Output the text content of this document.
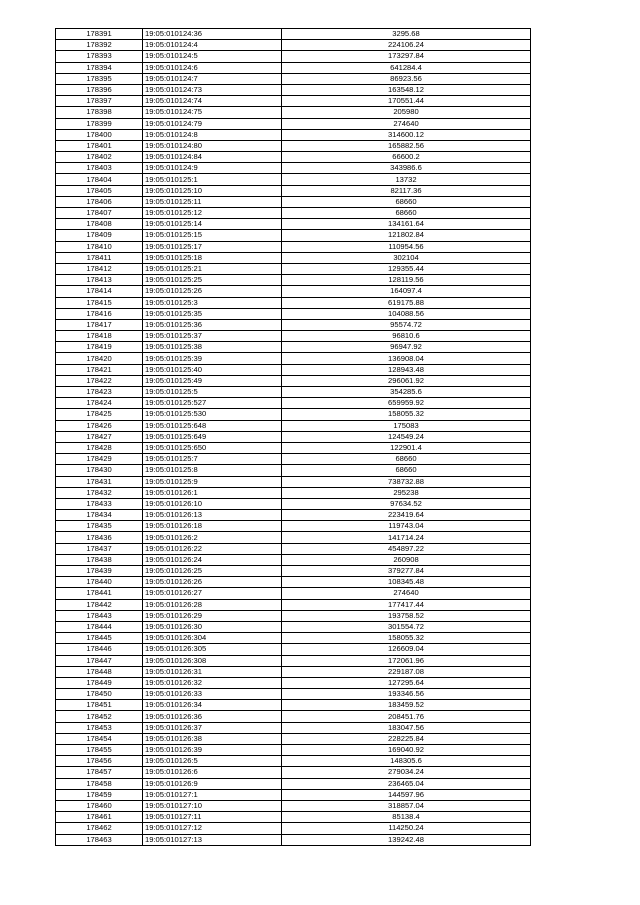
178391	19:05:010124:36	3295.68
178392	19:05:010124:4	224106.24
178393	19:05:010124:5	173297.84
178394	19:05:010124:6	641284.4
178395	19:05:010124:7	86923.56
178396	19:05:010124:73	163548.12
178397	19:05:010124:74	170551.44
178398	19:05:010124:75	205980
178399	19:05:010124:79	274640
178400	19:05:010124:8	314600.12
178401	19:05:010124:80	165882.56
178402	19:05:010124:84	66600.2
178403	19:05:010124:9	343986.6
178404	19:05:010125:1	13732
178405	19:05:010125:10	82117.36
178406	19:05:010125:11	68660
178407	19:05:010125:12	68660
178408	19:05:010125:14	134161.64
178409	19:05:010125:15	121802.84
178410	19:05:010125:17	110954.56
178411	19:05:010125:18	302104
178412	19:05:010125:21	129355.44
178413	19:05:010125:25	128119.56
178414	19:05:010125:26	164097.4
178415	19:05:010125:3	619175.88
178416	19:05:010125:35	104088.56
178417	19:05:010125:36	95574.72
178418	19:05:010125:37	96810.6
178419	19:05:010125:38	96947.92
178420	19:05:010125:39	136908.04
178421	19:05:010125:40	128943.48
178422	19:05:010125:49	296061.92
178423	19:05:010125:5	354285.6
178424	19:05:010125:527	659959.92
178425	19:05:010125:530	158055.32
178426	19:05:010125:648	175083
178427	19:05:010125:649	124549.24
178428	19:05:010125:650	122901.4
178429	19:05:010125:7	68660
178430	19:05:010125:8	68660
178431	19:05:010125:9	738732.88
178432	19:05:010126:1	295238
178433	19:05:010126:10	97634.52
178434	19:05:010126:13	223419.64
178435	19:05:010126:18	119743.04
178436	19:05:010126:2	141714.24
178437	19:05:010126:22	454897.22
178438	19:05:010126:24	260908
178439	19:05:010126:25	379277.84
178440	19:05:010126:26	108345.48
178441	19:05:010126:27	274640
178442	19:05:010126:28	177417.44
178443	19:05:010126:29	193758.52
178444	19:05:010126:30	301554.72
178445	19:05:010126:304	158055.32
178446	19:05:010126:305	126609.04
178447	19:05:010126:308	172061.96
178448	19:05:010126:31	229187.08
178449	19:05:010126:32	127295.64
178450	19:05:010126:33	193346.56
178451	19:05:010126:34	183459.52
178452	19:05:010126:36	208451.76
178453	19:05:010126:37	183047.56
178454	19:05:010126:38	228225.84
178455	19:05:010126:39	169040.92
178456	19:05:010126:5	148305.6
178457	19:05:010126:6	279034.24
178458	19:05:010126:9	236465.04
178459	19:05:010127:1	144597.96
178460	19:05:010127:10	318857.04
178461	19:05:010127:11	85138.4
178462	19:05:010127:12	114250.24
178463	19:05:010127:13	139242.48
